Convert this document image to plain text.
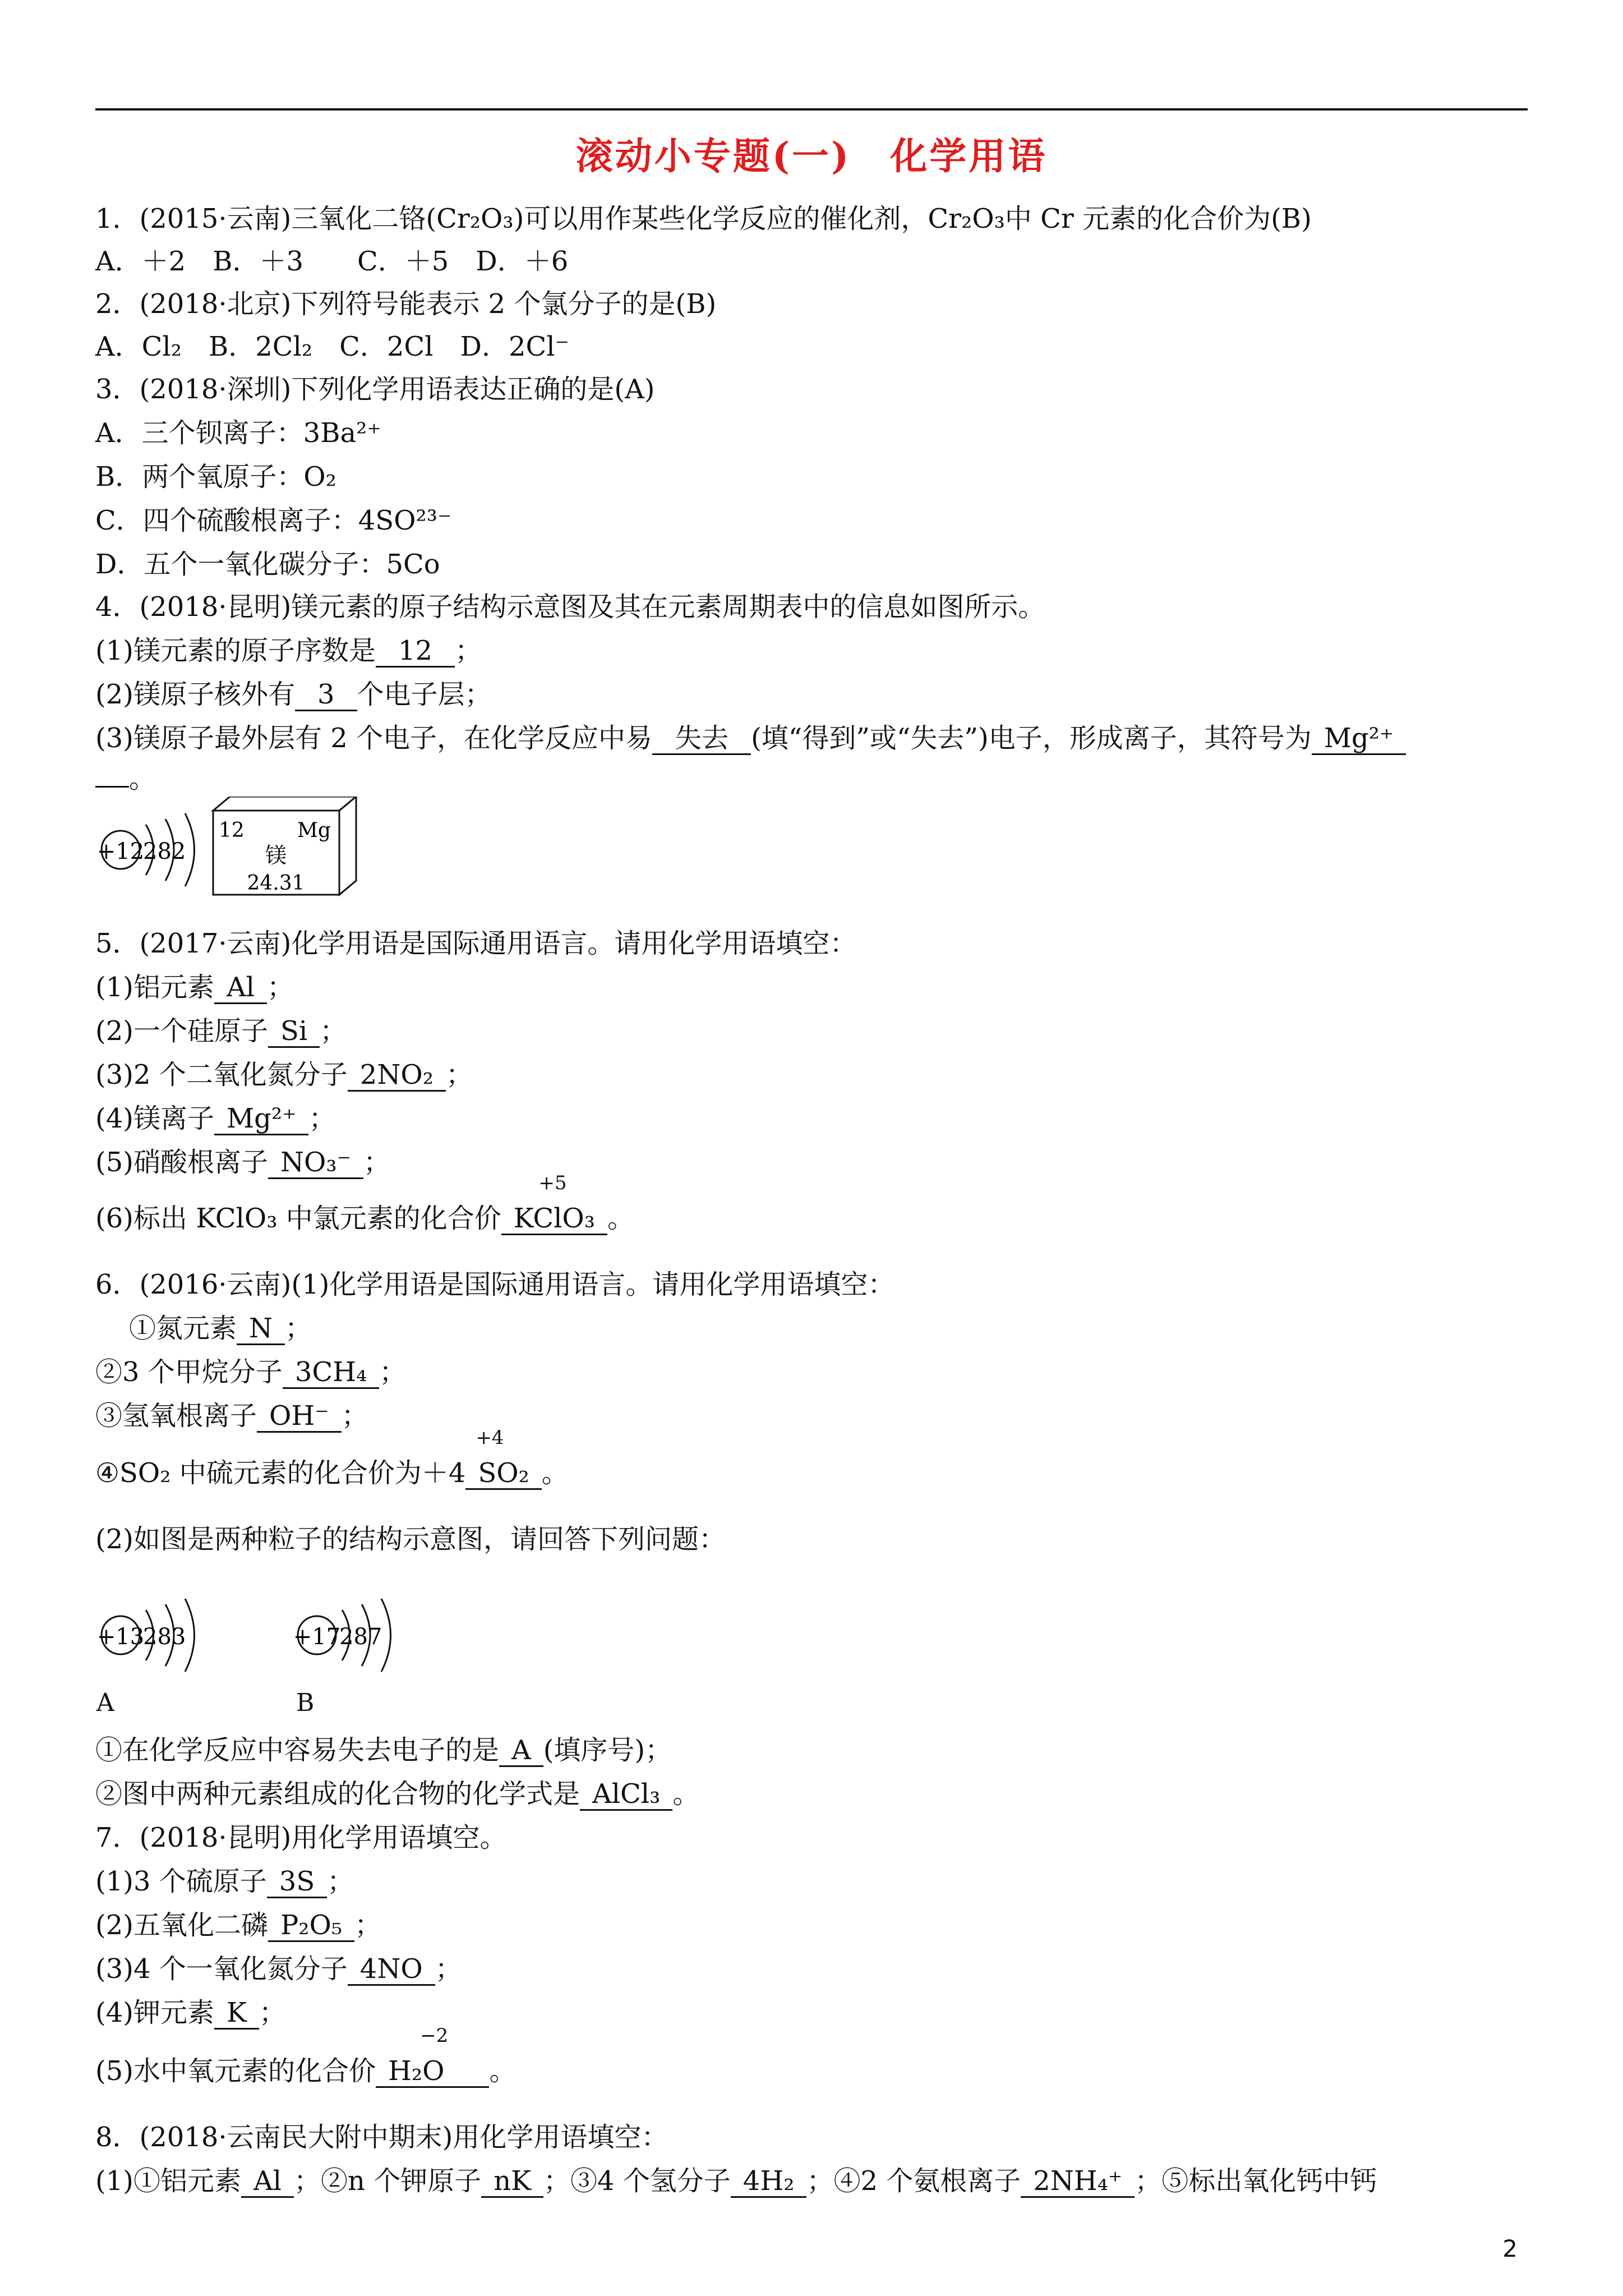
滚动小专题(一)　化学用语
1．(2015·云南)三氧化二铬(Cr₂O₃)可以用作某些化学反应的催化剂，Cr₂O₃中 Cr 元素的化合价为(B)
A．＋2　B．＋3　　C．＋5　D．＋6
2．(2018·北京)下列符号能表示 2 个氯分子的是(B)
A．Cl₂　B．2Cl₂　C．2Cl　D．2Cl⁻
3．(2018·深圳)下列化学用语表达正确的是(A)
A．三个钡离子：3Ba²⁺
B．两个氧原子：O₂
C．四个硫酸根离子：4SO²³⁻
D．五个一氧化碳分子：5Co
4．(2018·昆明)镁元素的原子结构示意图及其在元素周期表中的信息如图所示。
(1)镁元素的原子序数是 12 ；
(2)镁原子核外有 3 个电子层；
(3)镁原子最外层有 2 个电子，在化学反应中易 失去 (填“得到”或“失去”)电子，形成离子，其符号为 Mg²⁺
。
+12
282
12	Mg
镁
24.31
5．(2017·云南)化学用语是国际通用语言。请用化学用语填空：
(1)铝元素 Al ；
(2)一个硅原子 Si ；
(3)2 个二氧化氮分子 2NO₂ ；
(4)镁离子 Mg²⁺ ；
(5)硝酸根离子 NO₃⁻ ；
(6)标出 KClO₃ 中氯元素的化合价 KCl
+5
O₃ 。
6．(2016·云南)(1)化学用语是国际通用语言。请用化学用语填空：
①氮元素 N ；
②3 个甲烷分子 3CH₄ ；
③氢氧根离子 OH⁻ ；
④SO₂ 中硫元素的化合价为＋4 S
+4
O₂ 。
(2)如图是两种粒子的结构示意图，请回答下列问题：
+13
283	+17
287
A	B
①在化学反应中容易失去电子的是 A (填序号)；
②图中两种元素组成的化合物的化学式是 AlCl₃ 。
7．(2018·昆明)用化学用语填空。
(1)3 个硫原子 3S ；
(2)五氧化二磷 P₂O₅ ；
(3)4 个一氧化氮分子 4NO ；
(4)钾元素 K ；
(5)水中氧元素的化合价 H₂O
−2
。
8．(2018·云南民大附中期末)用化学用语填空：
(1)①铝元素 Al ；②n 个钾原子 nK ；③4 个氢分子 4H₂ ；④2 个氨根离子 2NH₄⁺ ；⑤标出氧化钙中钙
2
